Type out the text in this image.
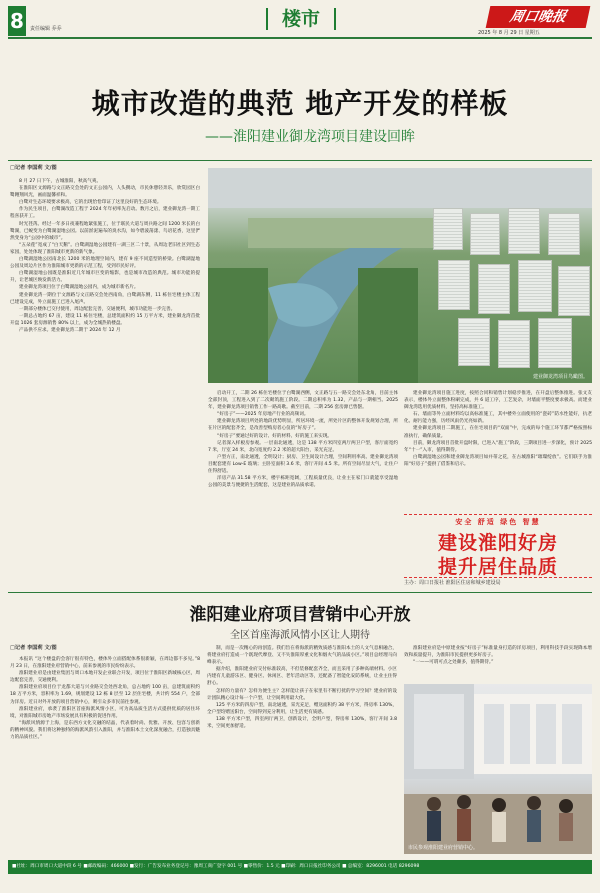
8	责任编辑 乔乔	楼市	周口晚报
2025 年 8 月 29 日 星期五
城市改造的典范 地产开发的样板
——淮阳建业御龙湾项目建设回眸
□记者 李国莉 文/图

8 月 27 日下午，古城淮阳，秋高气爽。

在淮阳区文源路与文正路交会处的文正公园内，人头攒动，市民休憩轻奔乐，欣赏园区白鹭翱翔风光，画面温馨祥和。

白鹭对生态环境要求极高，它的出现恰恰印证了这里良好的生态环境。

作为民生项目，白鹭湖改造工程于 2024 年年初率先启动。数月之后，建业御龙湾一期工程喜获开工。

时光荏苒。经过一年多日夜兼程地紧张施工，位于联民大道与周兵路之间 1200 米长的白鹭湖，已蜕变为白鹭湖湿地公园。以前淤泥遍布的臭水沟，如今碧波荡漾、鸟语花香，这里俨然变身为“公园中的城市”。

“五朵莲”宽成了“白天鹅”。白鹭湖湿地公园建有一湖三区二十景，从周边老旧社区到生态家园，处处体现了淮阳城市更新的新气象。

白鹭湖湿地公园南北长 1200 米的地理空间内，建有 9 座不同造型的桥梁。白鹭湖湿地公园及周边片区作为淮阳城市更新的示范工程，受到市民好评。

白鹭湖湿地公园既是淮阳近几年城市巨变的缩影，也是城市改造的典范。城市功能的提升，让老城区焕发新活力。

建业御龙湾项目位于白鹭湖湿地公园内，成为城市新名片。

建业御龙湾一期位于文源路与文正路交会处西南角，白鹭湖东侧，11 栋住宅楼主体工程已建设完成，外立面施工已进入尾声。

一期部分楼体已交付使用，周边配套完善，交通便利，城市功能进一步完善。

一期总占地约 67 亩，建设 11 栋住宅楼，总建筑面积约 15 万平方米，建业御龙湾首批开盘 1026 套房源销售 80% 以上，成为全城热销楼盘。

产品供不应求。建业御龙湾二期于 2024 年 12 月

建业御龙湾项目鸟瞰图。

启动开工，二期 26 栋住宅楼位于白鹭湖西侧，文正路与五一路交会处东北角，目前主体全部封顶，工程进入到了二次砌筑施工阶段。二期总积率为 1.32，产品与一期相当。2025 年，建业御龙湾项目销售工作一路高歌。截至目前，二期 256 套房源已售罄。

“好房子”——2025 年房地产行业的高频词。

建业御龙湾项目所处的地段优势明显，所居环境一流，所处片区的整体开发规划合理，所在片区的配套齐全，是改善型购房者心仪的“好房子”。

“好房子”要通过好的设计、好的材料、好的施工来实现。

记者深入样板房参观。一层南北通透，这是 138 平方米四室两厅两卫户型，客厅面宽约 7 米，厅室 24 米，北向宽度约 2.2 米的超大阳台，采光充足。

户型方正，南北通透，全明设计；厨房、卫生间设计合理，空间利用率高。建业御龙湾项目配套建有 Low-E 玻璃；主卧室面积 3.6 米，客厅开间 4.5 米。所有空间尽显大气，让住户住得舒适。

洋房产品 31.58 平方米，楼宇栋距宽阔，工程质量优良，让业主在家门口就能享受湿地公园的美景与便捷的生活配套，这是建业的品质承诺。

建业御龙湾项目施工进度，按照合同和销售计划稳步推进，在开盘后整体推进。张文友表示，楼体外立面整体粉刷完成，共 6 道工序，工艺复杂，对墙面平整度要求极高。而建业御龙湾选用优质材料，坚持高标准施工。

石、墙面等外立面材料均以高标准施工，其中楼外立面使用的“瓷砖”防水性能好，抗老化、耐污能力强，历经风雨仍光亮如新。

建业御龙湾项目二期施工，在住宅项目的“双面”中，完成的每个施工环节都严格按照标准执行，确保质量。

目前，御龙湾项目首批开盘时限，已进入“施工”阶段，三期项目进一步深化，预计 2025 年“十一”入市，值得期待。

白鹭湖湿地公园和建业御龙湾项目如并蒂之花，在古城淮阳“璀璨绽放”。它们联手为淮阳“好房子”提供了借鉴和启示。

安全 舒适 绿色 智慧
建设淮阳好房
提升居住品质
主办：周口日报社 淮阳区住房和城乡建设局
淮阳建业府项目营销中心开放
全区首座海派风情小区让人期待
□记者 李国莉 文/图

本报讯 “这个楼盘的会客厅很有特色，楼体外立面搭配体系很新颖，在周边都不多见。”8 月 23 日，在淮阳建业府营销中心，前来参观的市民纷纷表示。

淮阳建业府是由建业集团与周口本地开发企业联合开发，项目位于淮阳区新城核心区，周边配套完善，交通便利。

淮阳建业府项目位于龙都大道与兴业路交会处西北角，总占地约 100 亩，总建筑面积约 18 万平方米，容积率为 1.69，规划建设 12 栋 8 层至 12 层住宅楼，共计约 554 户，全部为洋房。近日对外开放的项目营销中心，吸引众多市民前往参观。

淮阳建业府，承袭了淮阳区首座海派风情小区，可为高品质生活方式提供优质的居住环境，对淮阳城市房地产市场发展具有积极的促进作用。

“海派风情源于上海，是东西方文化交融的结晶，代表着时尚、优雅、开放、包容与创新的精神风貌。我们将这种独特的海派风韵引入淮阳，并与淮阳本土文化深度融合，打造独具魅力的品质社区。”

制，而是一次精心的再创造。我们旨在将海派的精致质感与淮阳本土的人文气息相融合，将建业府打造成一个既现代摩登、又不失淮阳厚重文化和烟火气的品质小区。”项目总经理马向峰表示。

据介绍，淮阳建业府交付标准较高，不但装修配套齐全，而且采用了多种高端材料。小区内建有儿童游乐区、健身区、休闲区、老年活动区等，还配备了智能化安防系统，让业主住得舒心。

怎样的力量有？怎样为便生主？怎样能让孩子在家里有不断打扰的学习空间？建业府的设计团队精心设计每一个户型，让空间利用最大化。

125 平方米的四房户型，南北通透，采光充足，赠送面积约 38 平方米，得房率 130%，全户型均赠送阳台，空间得到充分利用，让生活更有质感。

138 平方米户型，四室两厅两卫，创新设计，全明户型，得房率 130%，客厅开间 3.8 米，空间更加舒适。

淮阳建业府是中原建业按“好房子”标准量身打造的洋房项目，利用科技手段实现降本增效和质量提升，为淮阳市民提供更多好房子。

“一——可谓可点之处颇多，值得期待。”

市民参观淮阳建业府营销中心。
■社址：周口市周口大道中段 6 号 ■邮政编码：466000 ■发行：广告发布业务登记号：豫周工商广登字 001 号 ■零售价：1.5 元 ■印刷：周口日报社印务公司 ■ 总编室：8296001 电话 8296098
